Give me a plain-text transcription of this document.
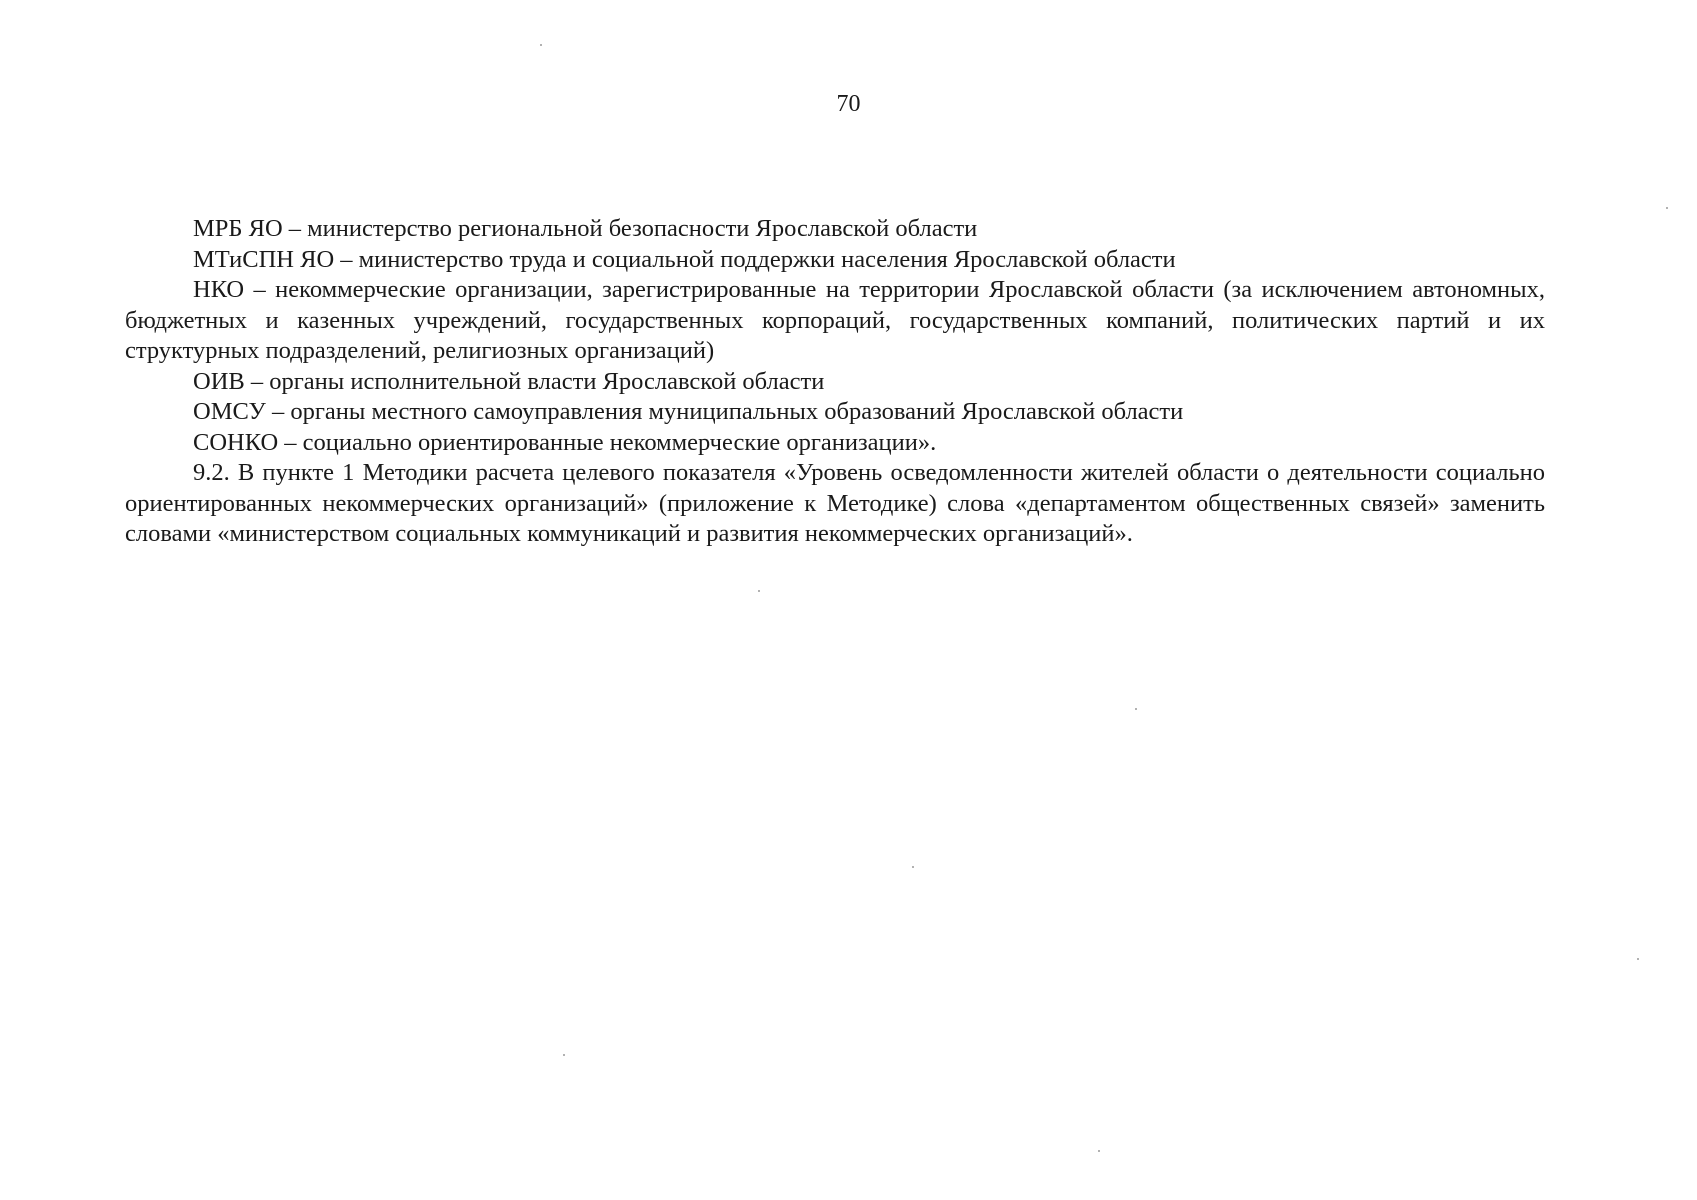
70

МРБ ЯО – министерство региональной безопасности Ярославской области

МТиСПН ЯО – министерство труда и социальной поддержки населения Ярославской области

НКО – некоммерческие организации, зарегистрированные на территории Ярославской области (за исключением автономных, бюджетных и казенных учреждений, государственных корпораций, государственных компаний, политических партий и их структурных подразделений, религиозных организаций)

ОИВ – органы исполнительной власти Ярославской области

ОМСУ – органы местного самоуправления муниципальных образований Ярославской области

СОНКО – социально ориентированные некоммерческие организации».

9.2. В пункте 1 Методики расчета целевого показателя «Уровень осведомленности жителей области о деятельности социально ориентированных некоммерческих организаций» (приложение к Методике) слова «департаментом общественных связей» заменить словами «министерством социальных коммуникаций и развития некоммерческих организаций».
